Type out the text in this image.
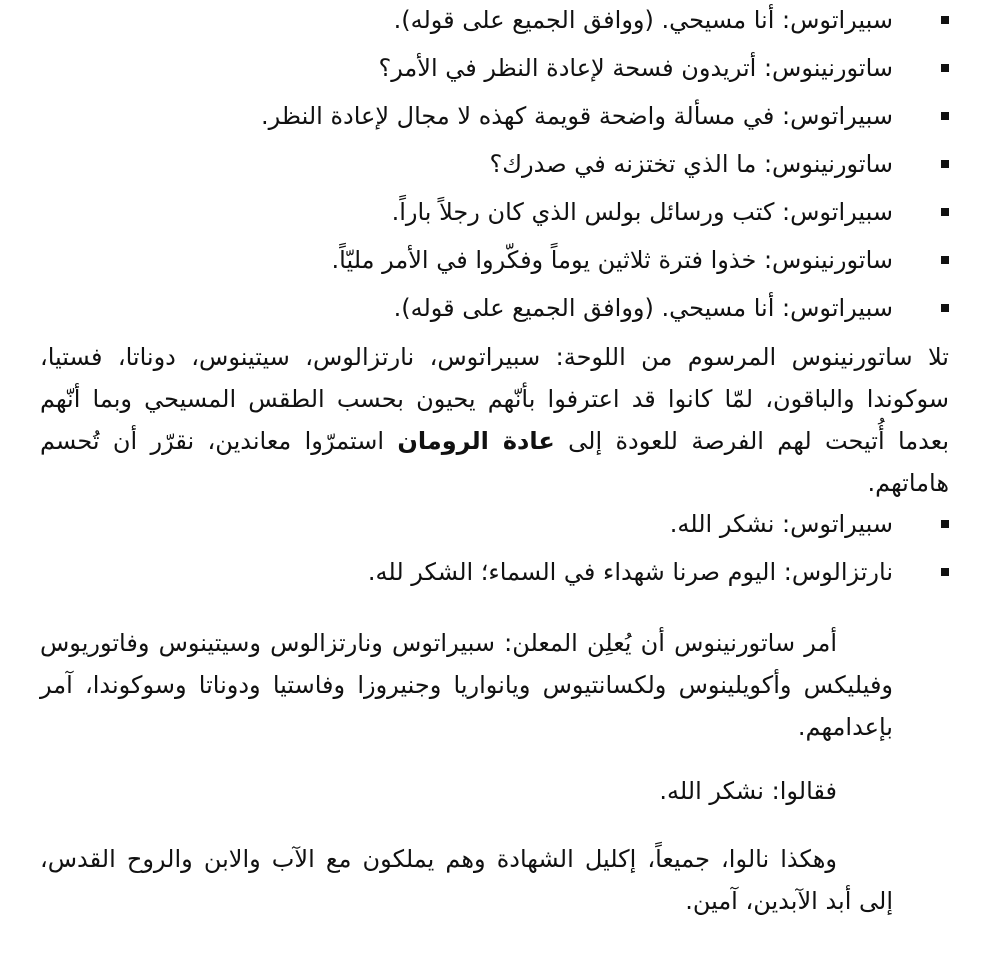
سبيراتوس: أنا مسيحي. (ووافق الجميع على قوله).
ساتورنينوس: أتريدون فسحة لإعادة النظر في الأمر؟
سبيراتوس: في مسألة واضحة قويمة كهذه لا مجال لإعادة النظر.
ساتورنينوس: ما الذي تختزنه في صدرك؟
سبيراتوس: كتب ورسائل بولس الذي كان رجلاً باراً.
ساتورنينوس: خذوا فترة ثلاثين يوماً وفكّروا في الأمر مليّاً.
سبيراتوس: أنا مسيحي. (ووافق الجميع على قوله).
تلا ساتورنينوس المرسوم من اللوحة: سبيراتوس، نارتزالوس، سيتينوس، دوناتا، فستيا، سوكوندا والباقون، لمّا كانوا قد اعترفوا بأنّهم يحيون بحسب الطقس المسيحي وبما أنّهم بعدما أُتيحت لهم الفرصة للعودة إلى عادة الرومان استمرّوا معاندين، نقرّر أن تُحسم هاماتهم.
سبيراتوس: نشكر الله.
نارتزالوس: اليوم صرنا شهداء في السماء؛ الشكر لله.

أمر ساتورنينوس أن يُعلِن المعلن: سبيراتوس ونارتزالوس وسيتينوس وفاتوريوس وفيليكس وأكويلينوس ولكسانتيوس ويانواريا وجنيروزا وفاستيا ودوناتا وسوكوندا، آمر بإعدامهم.

فقالوا: نشكر الله.

وهكذا نالوا، جميعاً، إكليل الشهادة وهم يملكون مع الآب والابن والروح القدس، إلى أبد الآبدين، آمين.
